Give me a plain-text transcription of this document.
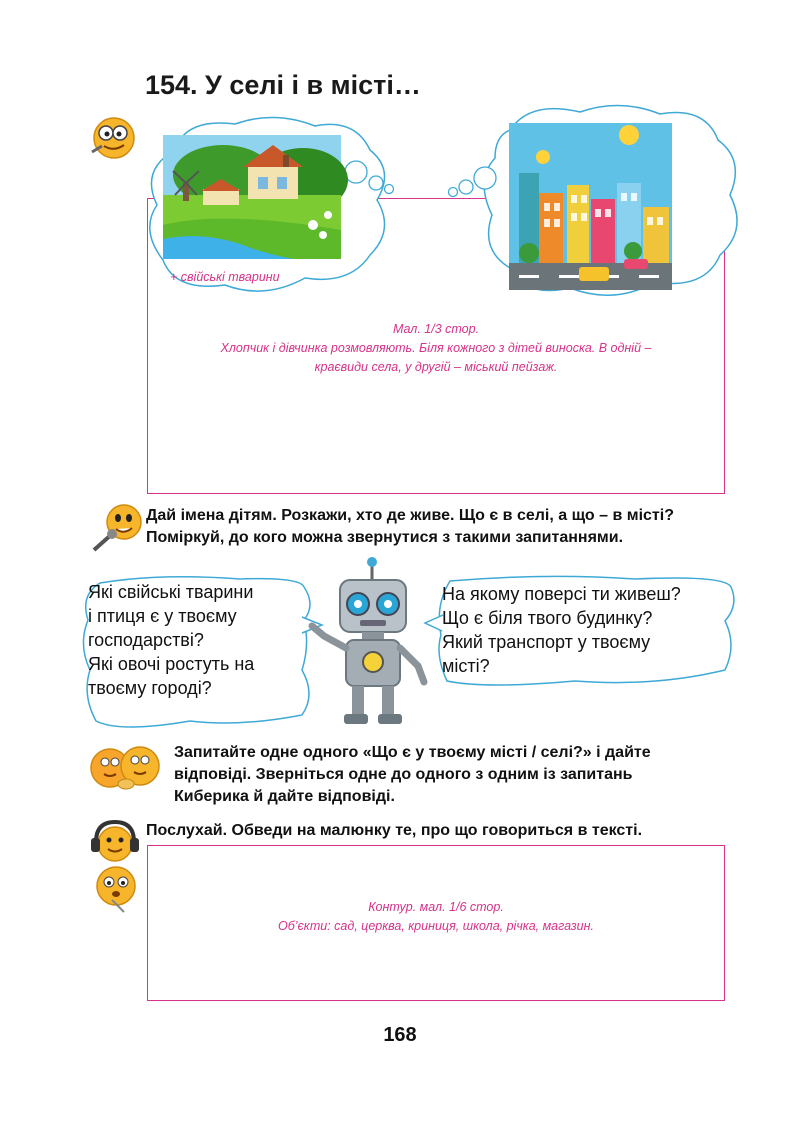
154. У селі і в місті…
+ свійські тварини
Мал. 1/3 стор.
Хлопчик і дівчинка розмовляють. Біля кожного з дітей виноска. В одній –
краєвиди села, у другій – міський пейзаж.
Дай імена дітям. Розкажи, хто де живе. Що є в селі, а що – в місті?
Поміркуй, до кого можна звернутися з такими запитаннями.
Які свійські тварини
і птиця є у твоєму
господарстві?
Які овочі ростуть на
твоєму городі?
На якому поверсі ти живеш?
Що є біля твого будинку?
Який транспорт у твоєму
місті?
Запитайте одне одного «Що є у твоєму місті / селі?» і дайте
відповіді. Зверніться одне до одного з одним із запитань
Киберика й дайте відповіді.
Послухай. Обведи на малюнку те, про що говориться в тексті.
Контур. мал. 1/6 стор.
Об’єкти: сад, церква, криниця, школа, річка, магазин.
168
